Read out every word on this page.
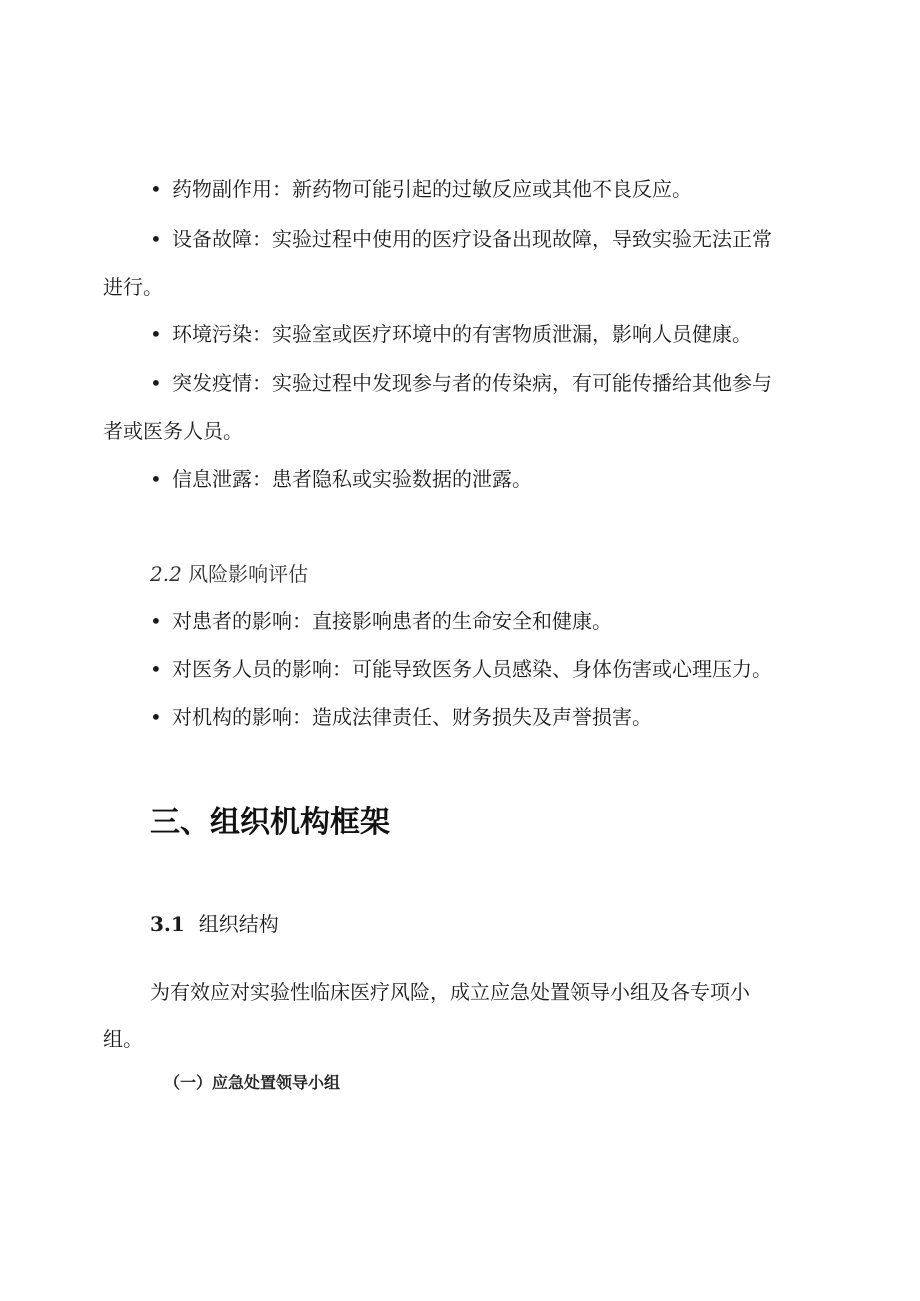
• 药物副作用：新药物可能引起的过敏反应或其他不良反应。
• 设备故障：实验过程中使用的医疗设备出现故障，导致实验无法正常
进行。
• 环境污染：实验室或医疗环境中的有害物质泄漏，影响人员健康。
• 突发疫情：实验过程中发现参与者的传染病，有可能传播给其他参与
者或医务人员。
• 信息泄露：患者隐私或实验数据的泄露。
2.2 风险影响评估
• 对患者的影响：直接影响患者的生命安全和健康。
• 对医务人员的影响：可能导致医务人员感染、身体伤害或心理压力。
• 对机构的影响：造成法律责任、财务损失及声誉损害。
三、组织机构框架
3.1 组织结构
为有效应对实验性临床医疗风险，成立应急处置领导小组及各专项小
组。
（一）应急处置领导小组
